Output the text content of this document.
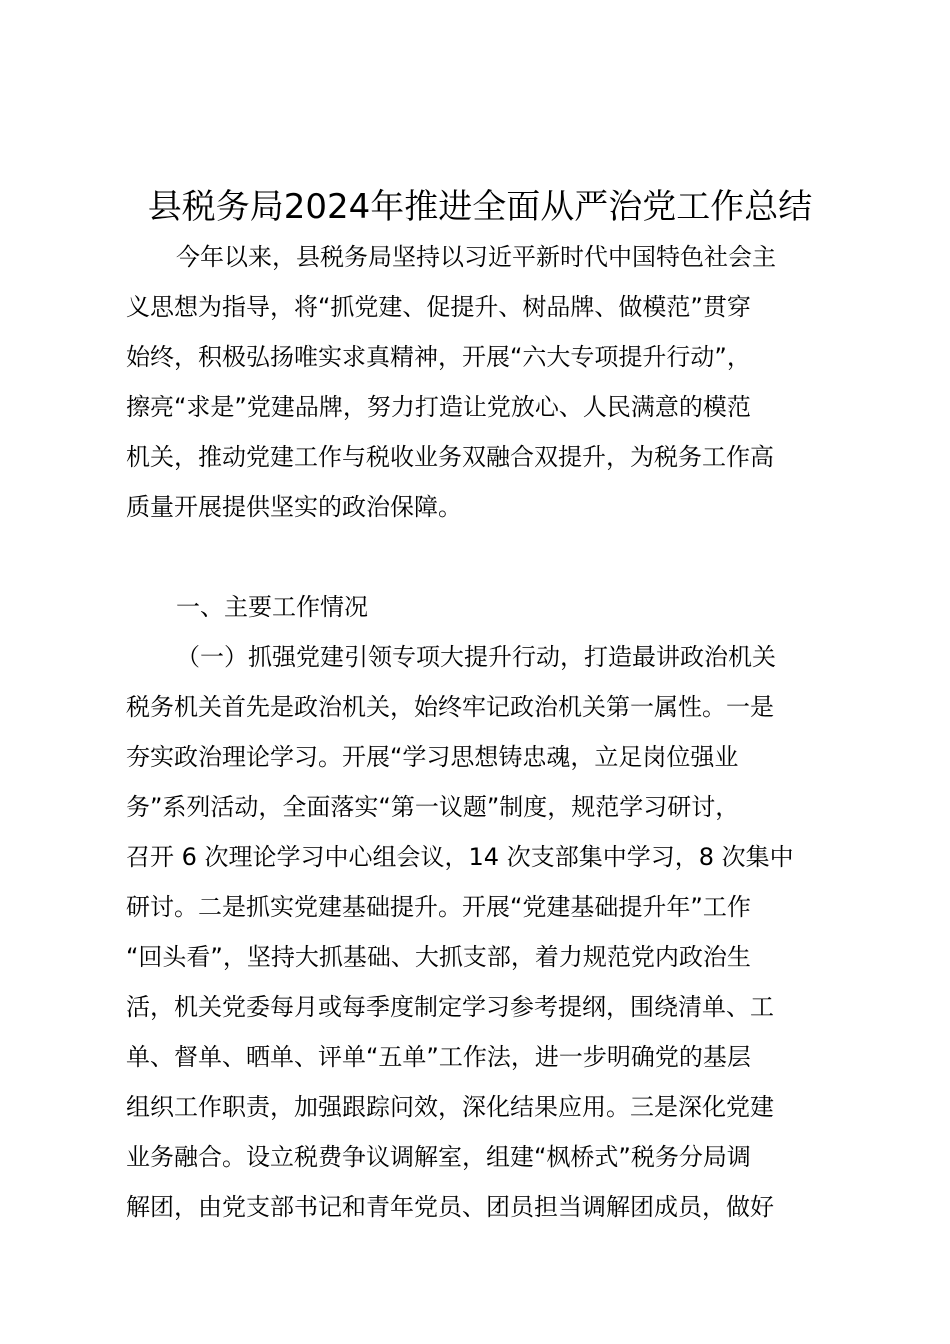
县税务局2024年推进全面从严治党工作总结
今年以来，县税务局坚持以习近平新时代中国特色社会主
义思想为指导，将“抓党建、促提升、树品牌、做模范”贯穿
始终，积极弘扬唯实求真精神，开展“六大专项提升行动”，
擦亮“求是”党建品牌，努力打造让党放心、人民满意的模范
机关，推动党建工作与税收业务双融合双提升，为税务工作高
质量开展提供坚实的政治保障。
一、主要工作情况
（一）抓强党建引领专项大提升行动，打造最讲政治机关
税务机关首先是政治机关，始终牢记政治机关第一属性。一是
夯实政治理论学习。开展“学习思想铸忠魂，立足岗位强业
务”系列活动，全面落实“第一议题”制度，规范学习研讨，
召开 6 次理论学习中心组会议，14 次支部集中学习，8 次集中
研讨。二是抓实党建基础提升。开展“党建基础提升年”工作
“回头看”，坚持大抓基础、大抓支部，着力规范党内政治生
活，机关党委每月或每季度制定学习参考提纲，围绕清单、工
单、督单、晒单、评单“五单”工作法，进一步明确党的基层
组织工作职责，加强跟踪问效，深化结果应用。三是深化党建
业务融合。设立税费争议调解室，组建“枫桥式”税务分局调
解团，由党支部书记和青年党员、团员担当调解团成员，做好
